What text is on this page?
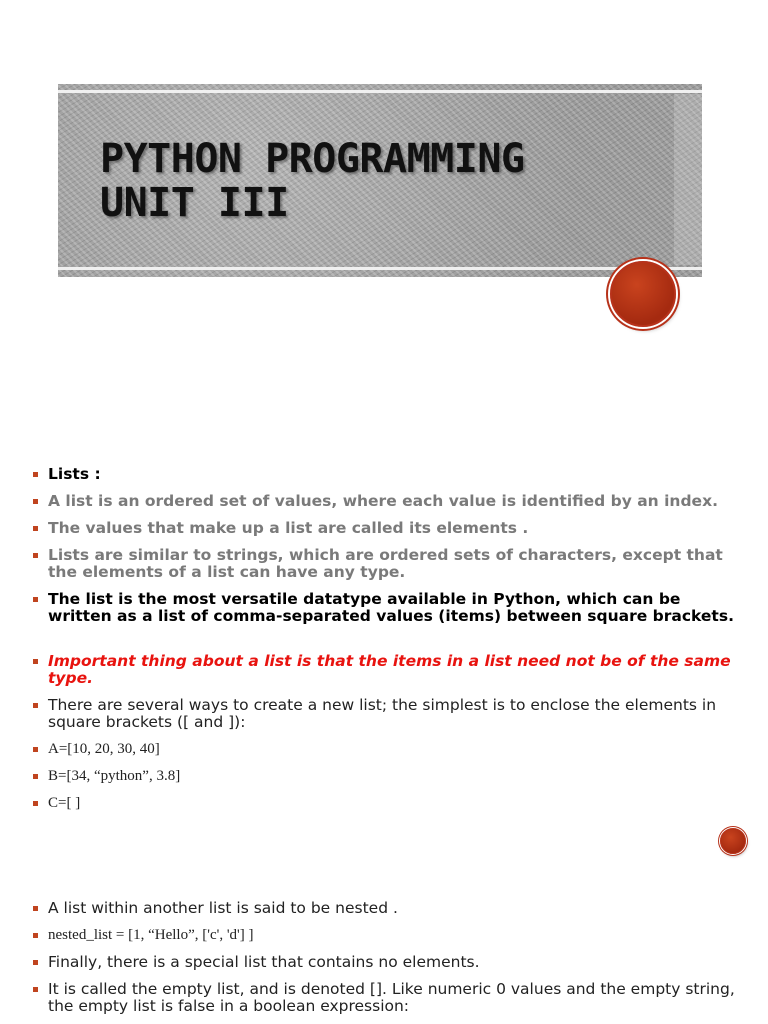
PYTHON PROGRAMMING
UNIT III
Lists :
A list is an ordered set of values, where each value is identified by an index.
The values that make up a list are called its elements .
Lists are similar to strings, which are ordered sets of characters, except that the elements of a list can have any type.
The list is the most versatile datatype available in Python, which can be written as a list of comma-separated values (items) between square brackets.
Important thing about a list is that the items in a list need not be of the same type.
There are several ways to create a new list; the simplest is to enclose the elements in square brackets ([ and ]):
A=[10, 20, 30, 40]
B=[34, “python”, 3.8]
C=[ ]
A list within another list is said to be nested .
nested_list = [1, “Hello”, ['c', 'd'] ]
Finally, there is a special list that contains no elements.
It is called the empty list, and is denoted []. Like numeric 0 values and the empty string, the empty list is false in a boolean expression:
